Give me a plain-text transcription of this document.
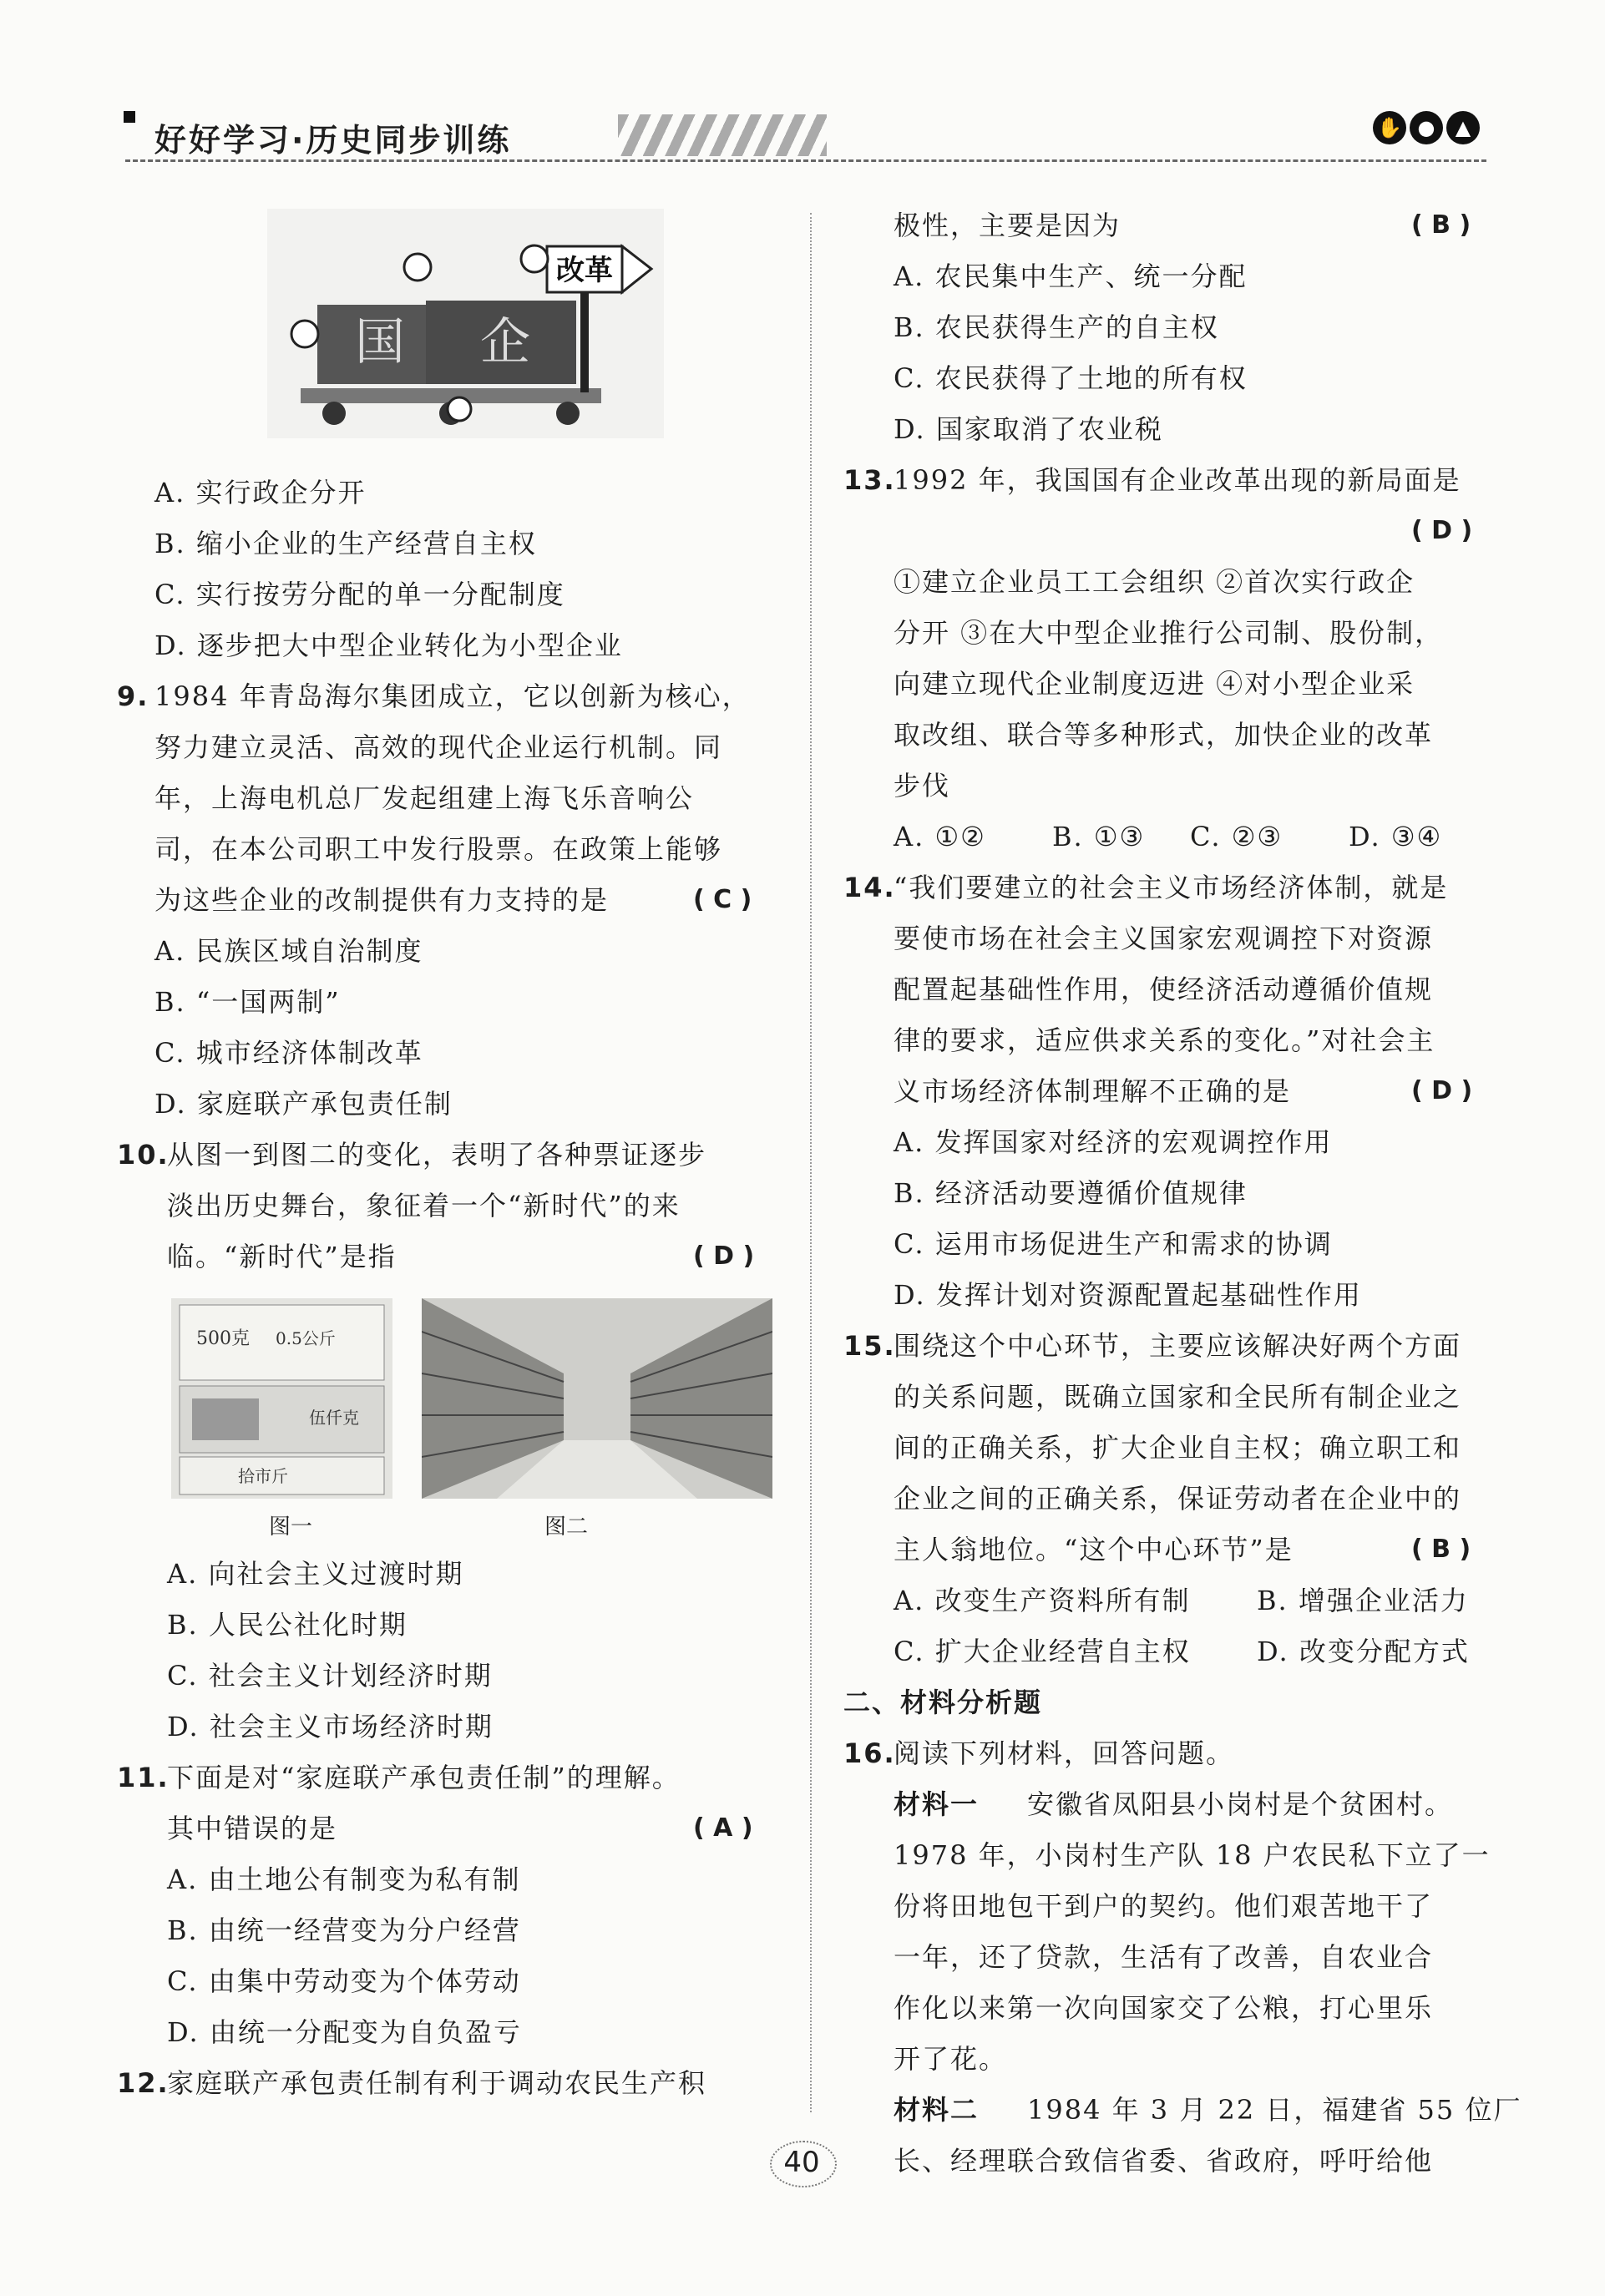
好好学习·历史同步训练	✋ ● ▲
国 企
改革
A. 实行政企分开
B. 缩小企业的生产经营自主权
C. 实行按劳分配的单一分配制度
D. 逐步把大中型企业转化为小型企业
9. 1984 年青岛海尔集团成立，它以创新为核心，
努力建立灵活、高效的现代企业运行机制。同
年，上海电机总厂发起组建上海飞乐音响公
司，在本公司职工中发行股票。在政策上能够
为这些企业的改制提供有力支持的是	( C )
A. 民族区域自治制度
B. “一国两制”
C. 城市经济体制改革
D. 家庭联产承包责任制
10.
从图一到图二的变化，表明了各种票证逐步
淡出历史舞台，象征着一个“新时代”的来
临。“新时代”是指	( D )
500克 0.5公斤
伍仟克
拾市斤
图一	图二
A. 向社会主义过渡时期
B. 人民公社化时期
C. 社会主义计划经济时期
D. 社会主义市场经济时期
11.
下面是对“家庭联产承包责任制”的理解。
其中错误的是	( A )
A. 由土地公有制变为私有制
B. 由统一经营变为分户经营
C. 由集中劳动变为个体劳动
D. 由统一分配变为自负盈亏
12.
家庭联产承包责任制有利于调动农民生产积
极性，主要是因为	( B )
A. 农民集中生产、统一分配
B. 农民获得生产的自主权
C. 农民获得了土地的所有权
D. 国家取消了农业税
13.
1992 年，我国国有企业改革出现的新局面是
( D )
①建立企业员工工会组织 ②首次实行政企
分开 ③在大中型企业推行公司制、股份制，
向建立现代企业制度迈进 ④对小型企业采
取改组、联合等多种形式，加快企业的改革
步伐
A. ①② B. ①③ C. ②③ D. ③④
14.
“我们要建立的社会主义市场经济体制，就是
要使市场在社会主义国家宏观调控下对资源
配置起基础性作用，使经济活动遵循价值规
律的要求，适应供求关系的变化。”对社会主
义市场经济体制理解不正确的是	( D )
A. 发挥国家对经济的宏观调控作用
B. 经济活动要遵循价值规律
C. 运用市场促进生产和需求的协调
D. 发挥计划对资源配置起基础性作用
15.
围绕这个中心环节，主要应该解决好两个方面
的关系问题，既确立国家和全民所有制企业之
间的正确关系，扩大企业自主权；确立职工和
企业之间的正确关系，保证劳动者在企业中的
主人翁地位。“这个中心环节”是	( B )
A. 改变生产资料所有制 B. 增强企业活力
C. 扩大企业经营自主权 D. 改变分配方式
二、材料分析题
16.
阅读下列材料，回答问题。
材料一 安徽省凤阳县小岗村是个贫困村。
1978 年，小岗村生产队 18 户农民私下立了一
份将田地包干到户的契约。他们艰苦地干了
一年，还了贷款，生活有了改善，自农业合
作化以来第一次向国家交了公粮，打心里乐
开了花。
材料二 1984 年 3 月 22 日，福建省 55 位厂
长、经理联合致信省委、省政府，呼吁给他
40
